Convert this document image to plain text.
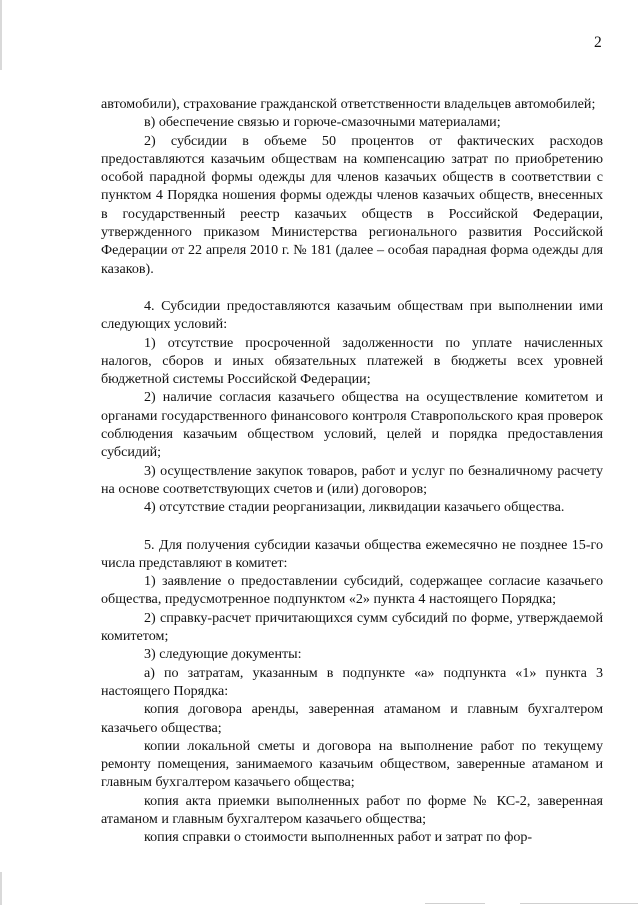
2

автомобили), страхование гражданской ответственности владельцев автомобилей;

в) обеспечение связью и горюче-смазочными материалами;

2) субсидии в объеме 50 процентов от фактических расходов предоставляются казачьим обществам на компенсацию затрат по приобретению особой парадной формы одежды для членов казачьих обществ в соответствии с пунктом 4 Порядка ношения формы одежды членов казачьих обществ, внесенных в государственный реестр казачьих обществ в Российской Федерации, утвержденного приказом Министерства регионального развития Российской Федерации от 22 апреля 2010 г. № 181 (далее – особая парадная форма одежды для казаков).

4. Субсидии предоставляются казачьим обществам при выполнении ими следующих условий:

1) отсутствие просроченной задолженности по уплате начисленных налогов, сборов и иных обязательных платежей в бюджеты всех уровней бюджетной системы Российской Федерации;

2) наличие согласия казачьего общества на осуществление комитетом и органами государственного финансового контроля Ставропольского края проверок соблюдения казачьим обществом условий, целей и порядка предоставления субсидий;

3) осуществление закупок товаров, работ и услуг по безналичному расчету на основе соответствующих счетов и (или) договоров;

4) отсутствие стадии реорганизации, ликвидации казачьего общества.

5. Для получения субсидии казачьи общества ежемесячно не позднее 15-го числа представляют в комитет:

1) заявление о предоставлении субсидий, содержащее согласие казачьего общества, предусмотренное подпунктом «2» пункта 4 настоящего Порядка;

2) справку-расчет причитающихся сумм субсидий по форме, утверждаемой комитетом;

3) следующие документы:

а) по затратам, указанным в подпункте «а» подпункта «1» пункта 3 настоящего Порядка:

копия договора аренды, заверенная атаманом и главным бухгалтером казачьего общества;

копии локальной сметы и договора на выполнение работ по текущему ремонту помещения, занимаемого казачьим обществом, заверенные атаманом и главным бухгалтером казачьего общества;

копия акта приемки выполненных работ по форме № КС-2, заверенная атаманом и главным бухгалтером казачьего общества;

копия справки о стоимости выполненных работ и затрат по фор-
